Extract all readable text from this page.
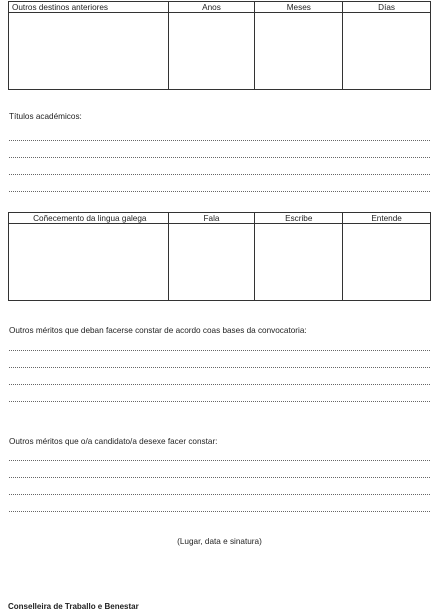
Outros destinos anteriores	Anos	Meses	Días

Títulos académicos:
Coñecemento da lingua galega	Fala	Escribe	Entende

Outros méritos que deban facerse constar de acordo coas bases da convocatoria:
Outros méritos que o/a candidato/a desexe facer constar:
(Lugar, data e sinatura)
Conselleira de Traballo e Benestar
